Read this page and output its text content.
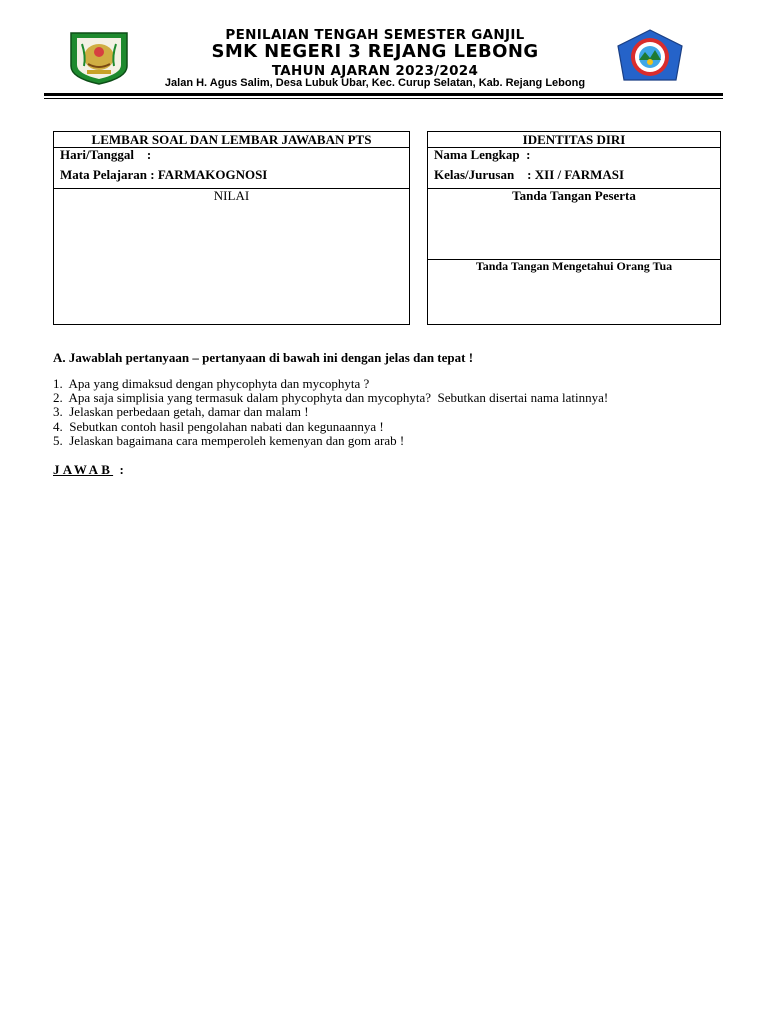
PENILAIAN TENGAH SEMESTER GANJIL
SMK NEGERI 3 REJANG LEBONG
TAHUN AJARAN 2023/2024
Jalan H. Agus Salim, Desa Lubuk Ubar, Kec. Curup Selatan, Kab. Rejang Lebong
LEMBAR SOAL DAN LEMBAR JAWABAN PTS
Hari/Tanggal    :
Mata Pelajaran : FARMAKOGNOSI
NILAI
IDENTITAS DIRI
Nama Lengkap  :
Kelas/Jurusan    : XII / FARMASI
Tanda Tangan Peserta
Tanda Tangan Mengetahui Orang Tua
A. Jawablah pertanyaan – pertanyaan di bawah ini dengan jelas dan tepat !
1.  Apa yang dimaksud dengan phycophyta dan mycophyta ?
2.  Apa saja simplisia yang termasuk dalam phycophyta dan mycophyta?  Sebutkan disertai nama latinnya!
3.  Jelaskan perbedaan getah, damar dan malam !
4.  Sebutkan contoh hasil pengolahan nabati dan kegunaannya !
5.  Jelaskan bagaimana cara memperoleh kemenyan dan gom arab !
JAWAB :
